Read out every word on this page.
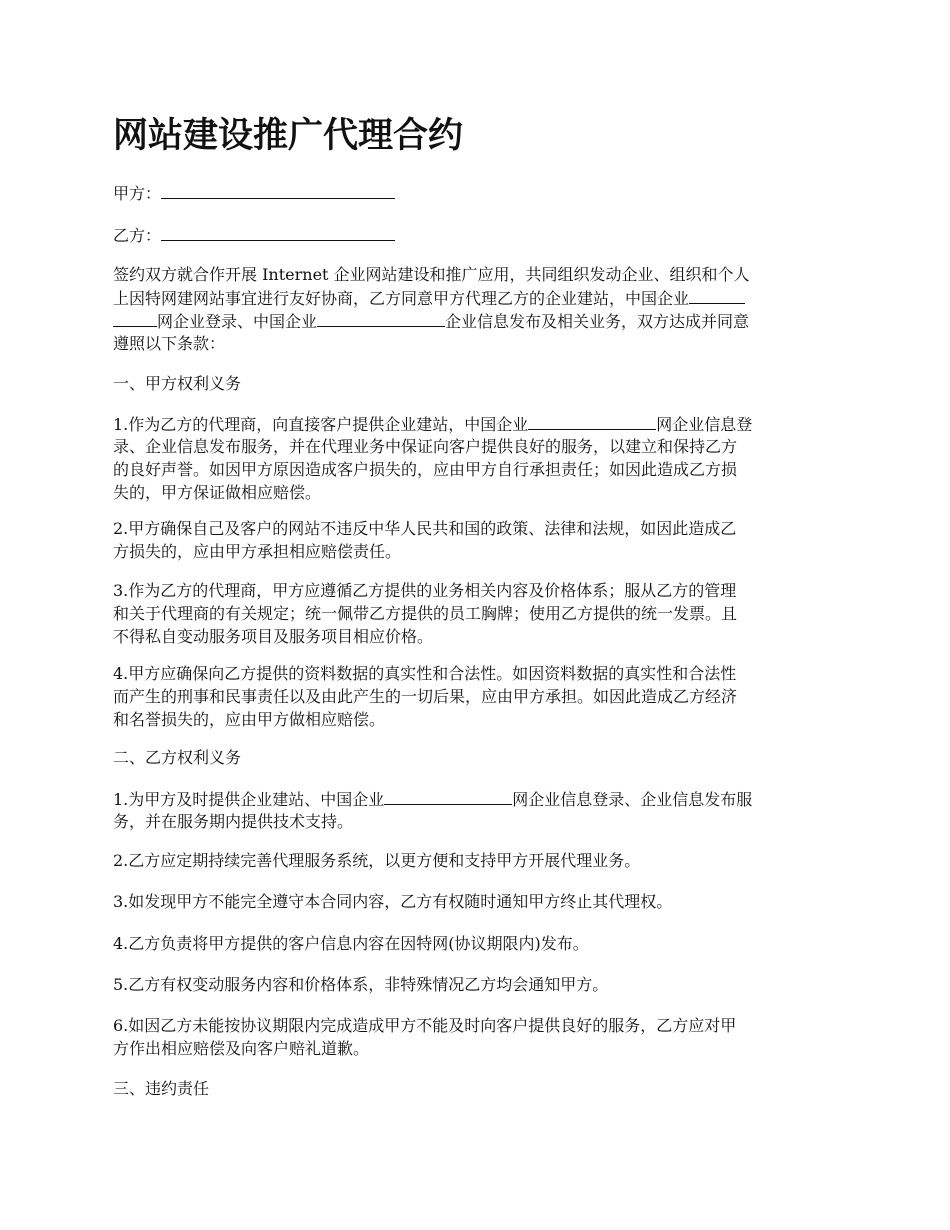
网站建设推广代理合约

甲方：

乙方：

签约双方就合作开展 Internet 企业网站建设和推广应用，共同组织发动企业、组织和个人
上因特网建网站事宜进行友好协商，乙方同意甲方代理乙方的企业建站，中国企业
网企业登录、中国企业	企业信息发布及相关业务，双方达成并同意
遵照以下条款：

一、甲方权利义务

1.作为乙方的代理商，向直接客户提供企业建站，中国企业	网企业信息登
录、企业信息发布服务，并在代理业务中保证向客户提供良好的服务，以建立和保持乙方
的良好声誉。如因甲方原因造成客户损失的，应由甲方自行承担责任；如因此造成乙方损
失的，甲方保证做相应赔偿。
2.甲方确保自己及客户的网站不违反中华人民共和国的政策、法律和法规，如因此造成乙
方损失的，应由甲方承担相应赔偿责任。
3.作为乙方的代理商，甲方应遵循乙方提供的业务相关内容及价格体系；服从乙方的管理
和关于代理商的有关规定；统一佩带乙方提供的员工胸牌；使用乙方提供的统一发票。且
不得私自变动服务项目及服务项目相应价格。
4.甲方应确保向乙方提供的资料数据的真实性和合法性。如因资料数据的真实性和合法性
而产生的刑事和民事责任以及由此产生的一切后果，应由甲方承担。如因此造成乙方经济
和名誉损失的，应由甲方做相应赔偿。

二、乙方权利义务

1.为甲方及时提供企业建站、中国企业	网企业信息登录、企业信息发布服
务，并在服务期内提供技术支持。

2.乙方应定期持续完善代理服务系统，以更方便和支持甲方开展代理业务。

3.如发现甲方不能完全遵守本合同内容，乙方有权随时通知甲方终止其代理权。

4.乙方负责将甲方提供的客户信息内容在因特网(协议期限内)发布。

5.乙方有权变动服务内容和价格体系，非特殊情况乙方均会通知甲方。

6.如因乙方未能按协议期限内完成造成甲方不能及时向客户提供良好的服务，乙方应对甲
方作出相应赔偿及向客户赔礼道歉。

三、违约责任
